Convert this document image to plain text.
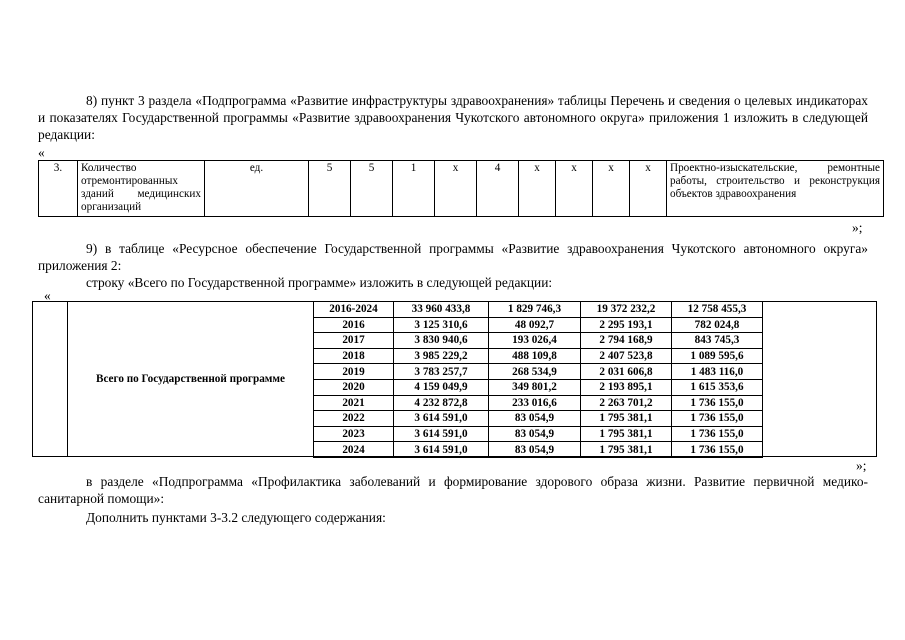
8) пункт 3 раздела «Подпрограмма «Развитие инфраструктуры здравоохранения» таблицы Перечень и сведения о целевых индикаторах и показателях Государственной программы «Развитие здравоохранения Чукотского автономного округа» приложения 1 изложить в следующей редакции:
«
3.	Количество отремонтированных зданий медицинских организаций	ед.	5	5	1	х	4	х	х	х	х	Проектно-изыскательские, ремонтные работы, строительство и реконструкция объектов здравоохранения
»;
9) в таблице «Ресурсное обеспечение Государственной программы «Развитие здравоохранения Чукотского автономного округа» приложения 2:
строку «Всего по Государственной программе» изложить в следующей редакции:
«
Всего по Государственной программе
2016-2024	33 960 433,8	1 829 746,3	19 372 232,2	12 758 455,3
2016	3 125 310,6	48 092,7	2 295 193,1	782 024,8
2017	3 830 940,6	193 026,4	2 794 168,9	843 745,3
2018	3 985 229,2	488 109,8	2 407 523,8	1 089 595,6
2019	3 783 257,7	268 534,9	2 031 606,8	1 483 116,0
2020	4 159 049,9	349 801,2	2 193 895,1	1 615 353,6
2021	4 232 872,8	233 016,6	2 263 701,2	1 736 155,0
2022	3 614 591,0	83 054,9	1 795 381,1	1 736 155,0
2023	3 614 591,0	83 054,9	1 795 381,1	1 736 155,0
2024	3 614 591,0	83 054,9	1 795 381,1	1 736 155,0
»;
в разделе «Подпрограмма «Профилактика заболеваний и формирование здорового образа жизни. Развитие первичной медико-санитарной помощи»:
Дополнить пунктами 3-3.2 следующего содержания:
